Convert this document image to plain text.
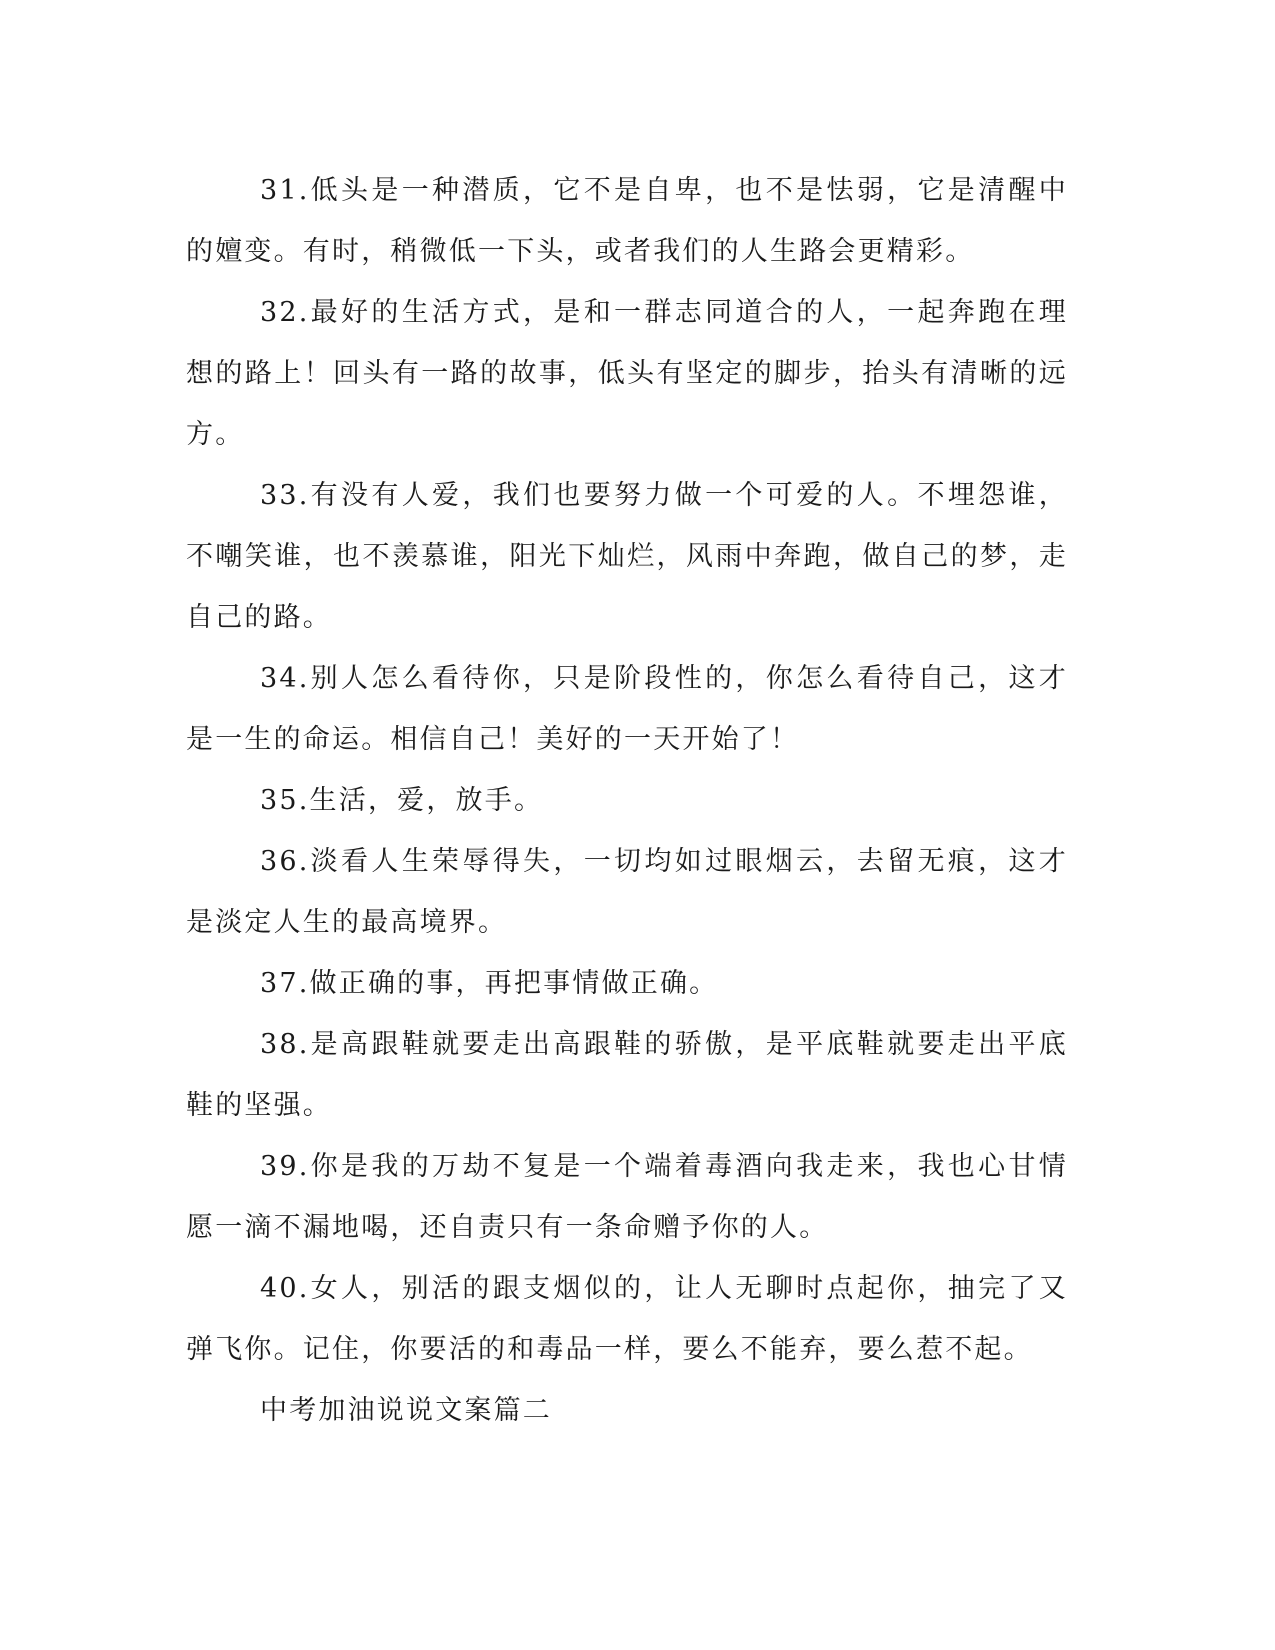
31.低头是一种潜质，它不是自卑，也不是怯弱，它是清醒中的嬗变。有时，稍微低一下头，或者我们的人生路会更精彩。

32.最好的生活方式，是和一群志同道合的人，一起奔跑在理想的路上！回头有一路的故事，低头有坚定的脚步，抬头有清晰的远方。

33.有没有人爱，我们也要努力做一个可爱的人。不埋怨谁，不嘲笑谁，也不羡慕谁，阳光下灿烂，风雨中奔跑，做自己的梦，走自己的路。

34.别人怎么看待你，只是阶段性的，你怎么看待自己，这才是一生的命运。相信自己！美好的一天开始了！

35.生活，爱，放手。

36.淡看人生荣辱得失，一切均如过眼烟云，去留无痕，这才是淡定人生的最高境界。

37.做正确的事，再把事情做正确。

38.是高跟鞋就要走出高跟鞋的骄傲，是平底鞋就要走出平底鞋的坚强。

39.你是我的万劫不复是一个端着毒酒向我走来，我也心甘情愿一滴不漏地喝，还自责只有一条命赠予你的人。

40.女人，别活的跟支烟似的，让人无聊时点起你，抽完了又弹飞你。记住，你要活的和毒品一样，要么不能弃，要么惹不起。

中考加油说说文案篇二
